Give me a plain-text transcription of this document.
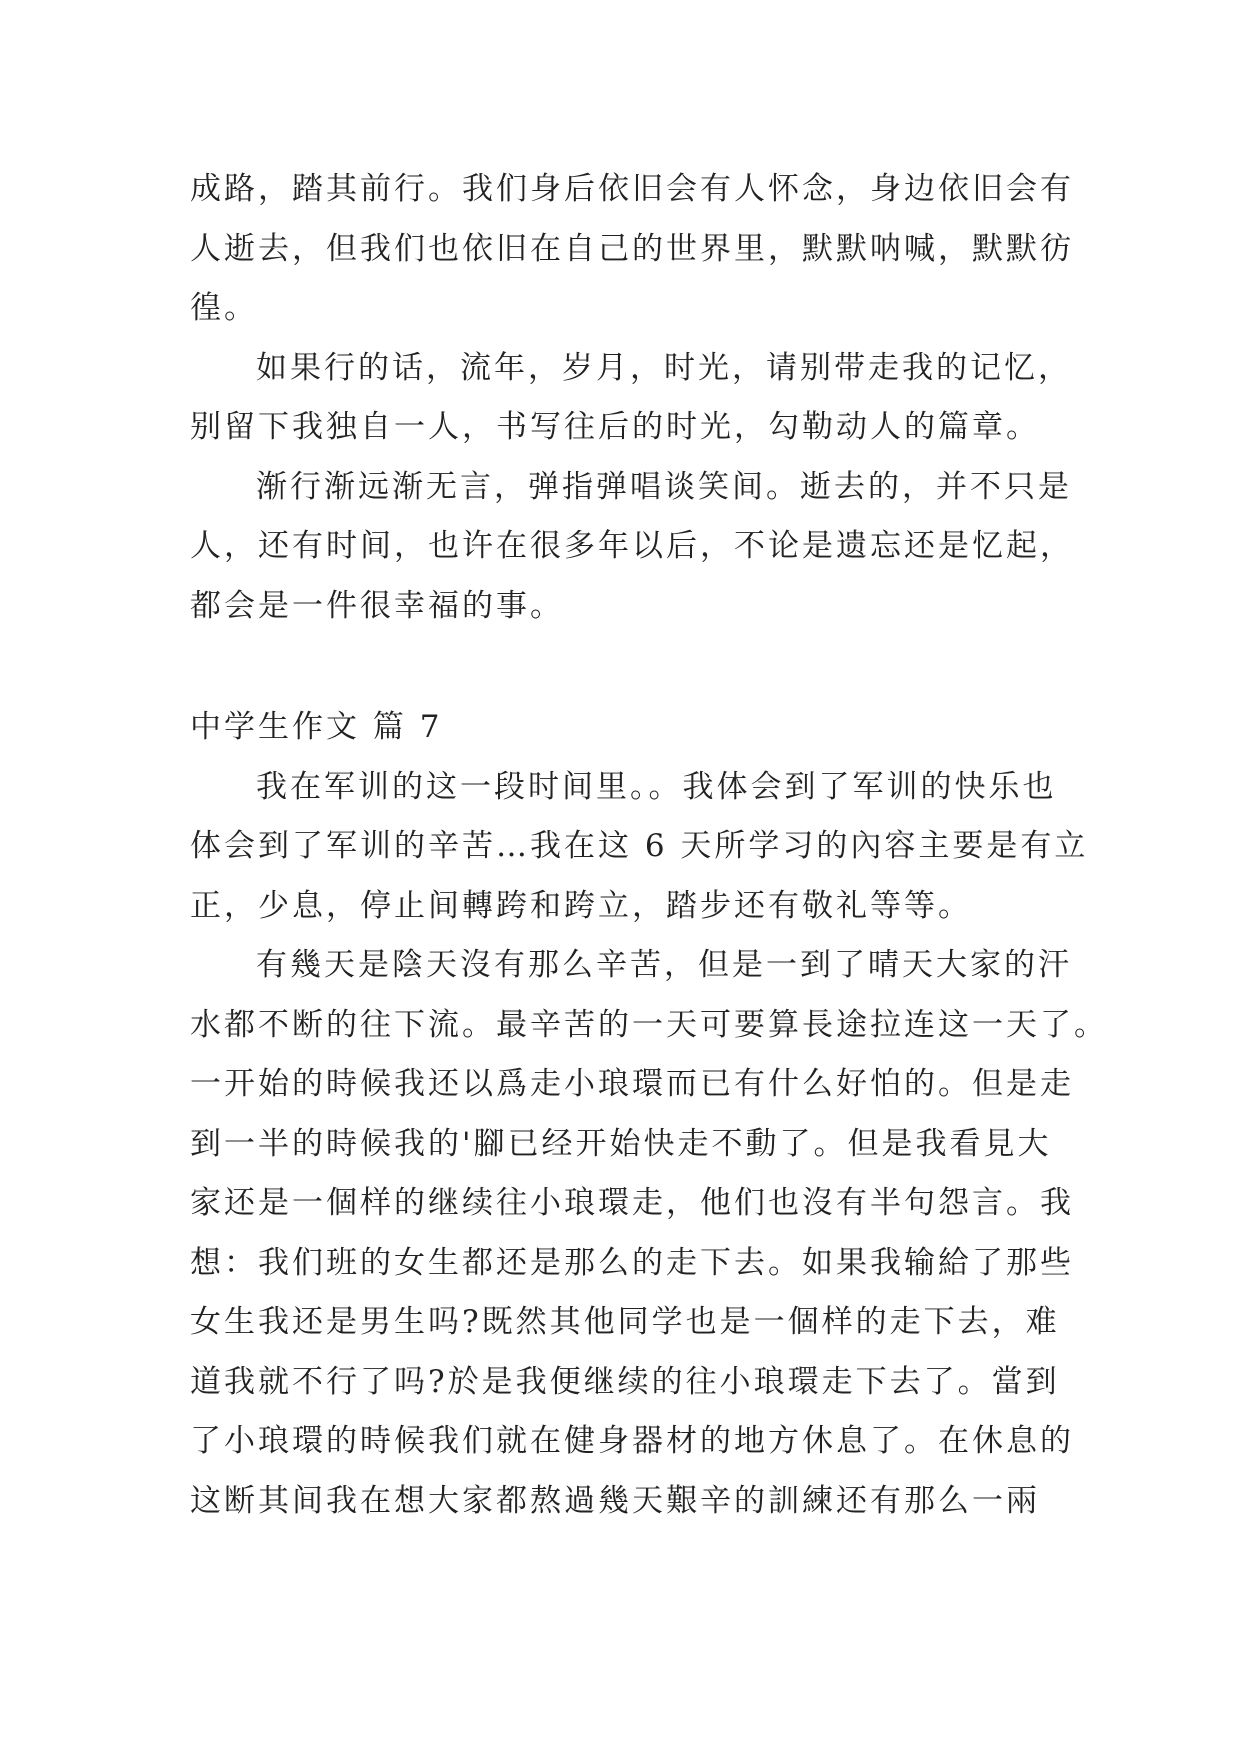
成路，踏其前行。我们身后依旧会有人怀念，身边依旧会有
人逝去，但我们也依旧在自己的世界里，默默呐喊，默默彷
徨。

如果行的话，流年，岁月，时光，请别带走我的记忆，
别留下我独自一人，书写往后的时光，勾勒动人的篇章。

渐行渐远渐无言，弹指弹唱谈笑间。逝去的，并不只是
人，还有时间，也许在很多年以后，不论是遗忘还是忆起，
都会是一件很幸福的事。

中学生作文 篇 7

我在军训的这一段时间里。。我体会到了军训的快乐也
体会到了军训的辛苦…我在这 6 天所学习的內容主要是有立
正，少息，停止间轉跨和跨立，踏步还有敬礼等等。

有幾天是陰天沒有那么辛苦，但是一到了晴天大家的汗
水都不断的往下流。最辛苦的一天可要算長途拉连这一天了。
一开始的時候我还以爲走小琅環而已有什么好怕的。但是走
到一半的時候我的'腳已经开始快走不動了。但是我看見大
家还是一個样的继续往小琅環走，他们也沒有半句怨言。我
想：我们班的女生都还是那么的走下去。如果我输給了那些
女生我还是男生吗?既然其他同学也是一個样的走下去，难
道我就不行了吗?於是我便继续的往小琅環走下去了。當到
了小琅環的時候我们就在健身器材的地方休息了。在休息的
这断其间我在想大家都熬過幾天艱辛的訓練还有那么一兩
